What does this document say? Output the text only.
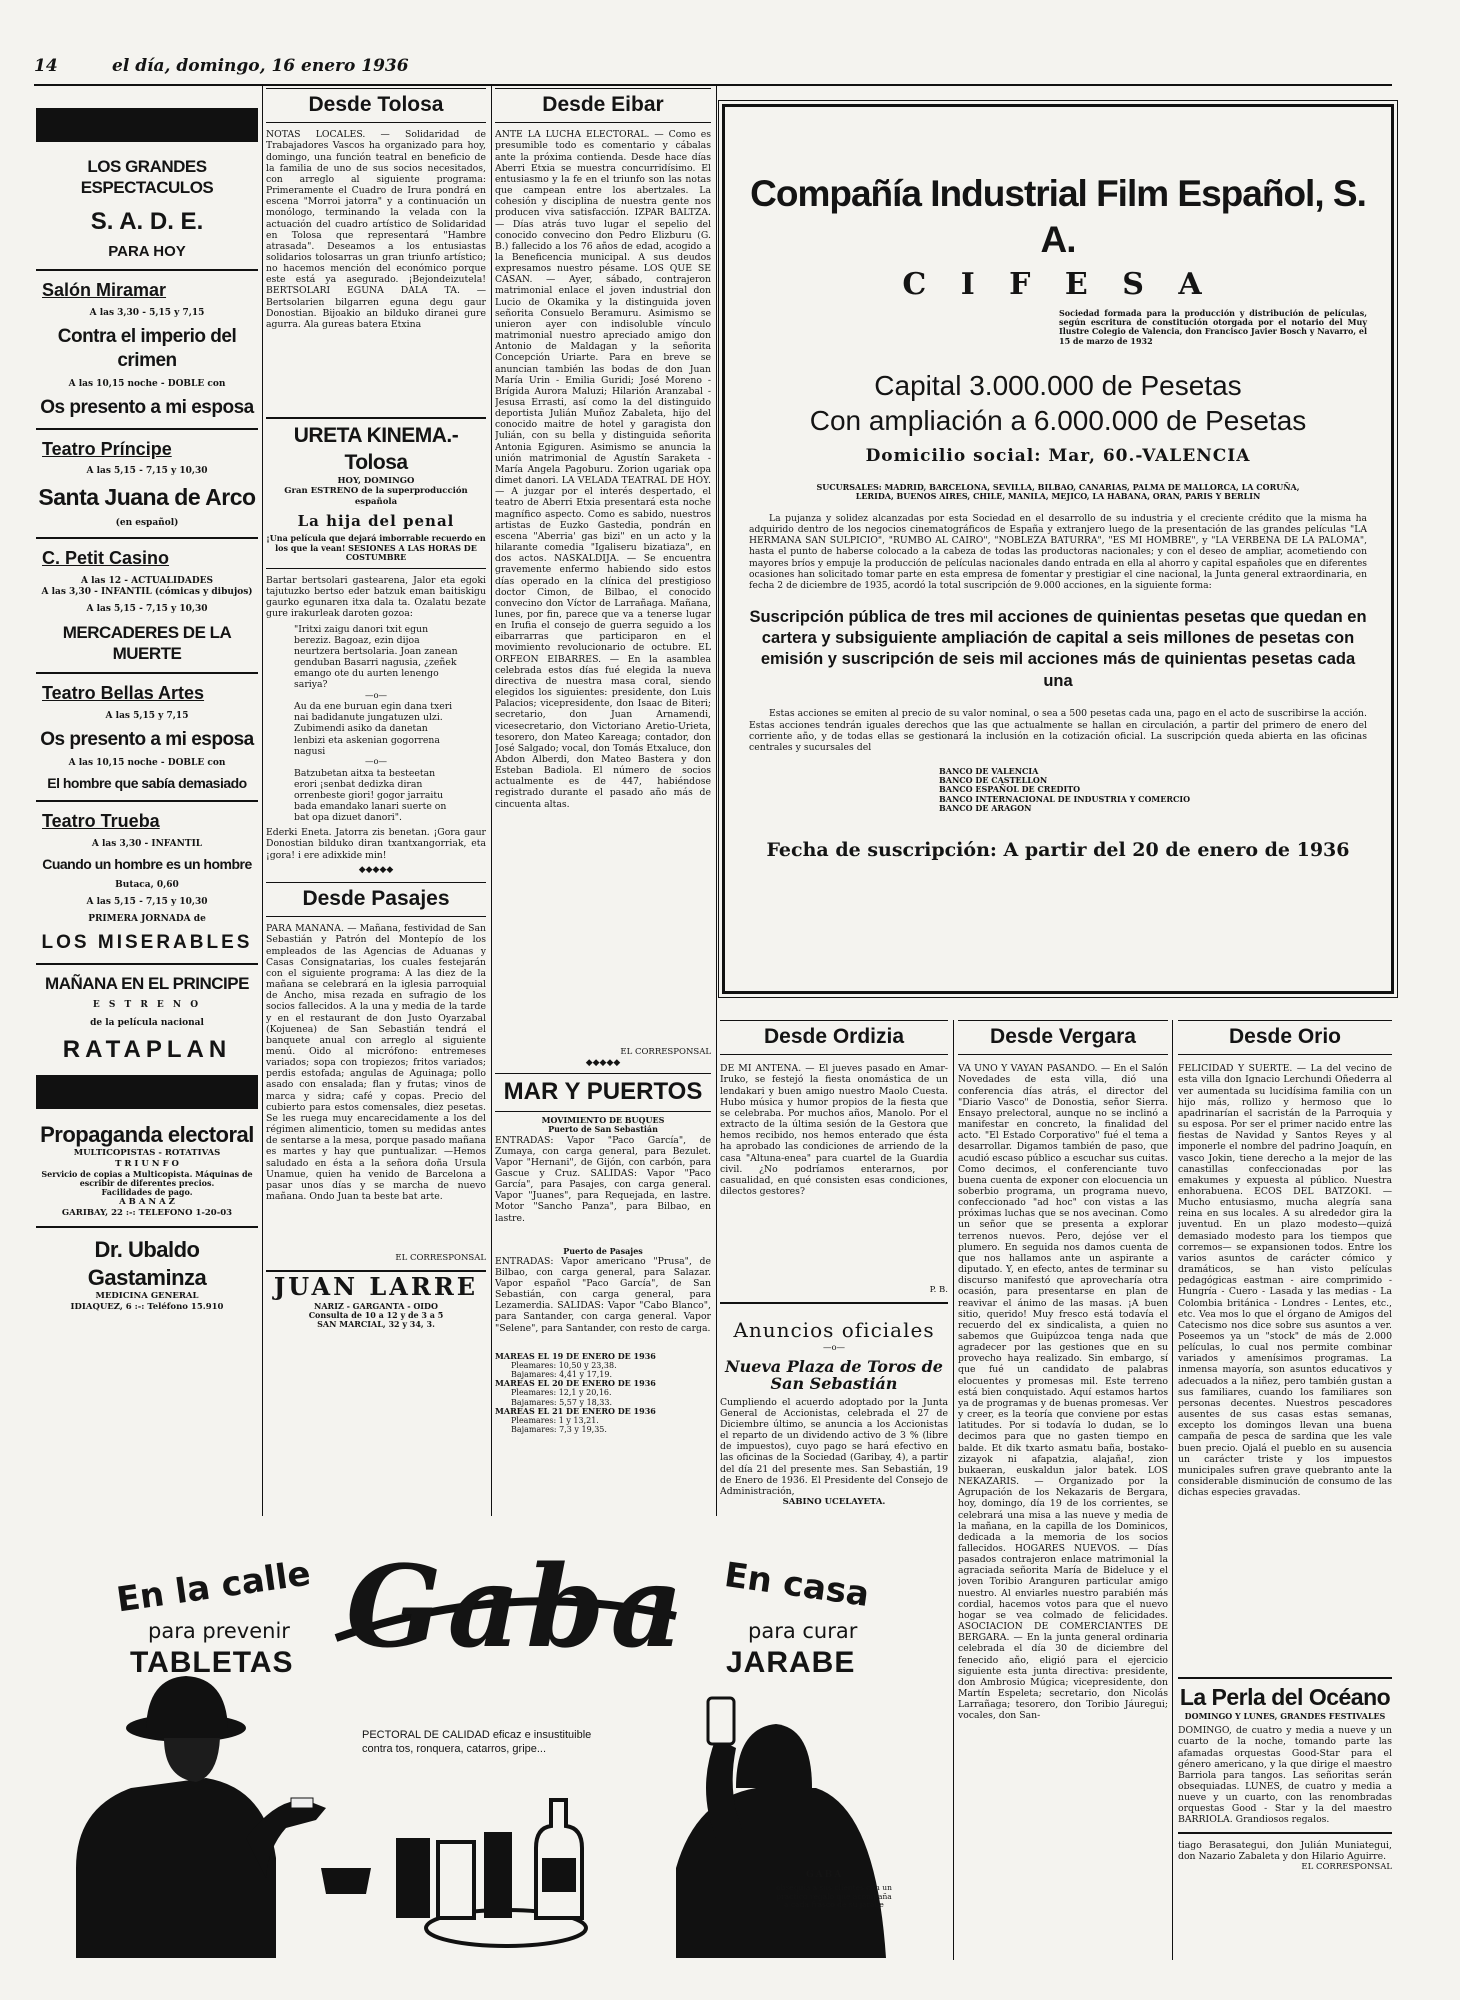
14	el día, domingo, 16 enero 1936
LOS GRANDES ESPECTACULOS
S. A. D. E.
PARA HOY
Salón Miramar
A las 3,30 - 5,15 y 7,15
Contra el imperio del crimen
A las 10,15 noche - DOBLE con
Os presento a mi esposa
Teatro Príncipe
A las 5,15 - 7,15 y 10,30
Santa Juana de Arco
(en español)
C. Petit Casino
A las 12 - ACTUALIDADES
A las 3,30 - INFANTIL (cómicas y dibujos)
A las 5,15 - 7,15 y 10,30
MERCADERES DE LA MUERTE
Teatro Bellas Artes
A las 5,15 y 7,15
Os presento a mi esposa
A las 10,15 noche - DOBLE con
El hombre que sabía demasiado
Teatro Trueba
A las 3,30 - INFANTIL
Cuando un hombre es un hombre
Butaca, 0,60
A las 5,15 - 7,15 y 10,30
PRIMERA JORNADA de
LOS MISERABLES
MAÑANA EN EL PRINCIPE
E S T R E N O
de la película nacional
RATAPLAN
Propaganda electoral
MULTICOPISTAS - ROTATIVAS
T R I U N F O
Servicio de copias a Multicopista. Máquinas de escribir de diferentes precios.
Facilidades de pago.
A B A N A Z
GARIBAY, 22 :-: TELEFONO 1-20-03
Dr. Ubaldo Gastaminza
MEDICINA GENERAL
IDIAQUEZ, 6 :-: Teléfono 15.910
Desde Tolosa
NOTAS LOCALES. — Solidaridad de Trabajadores Vascos ha organizado para hoy, domingo, una función teatral en beneficio de la familia de uno de sus socios necesitados, con arreglo al siguiente programa: Primeramente el Cuadro de Irura pondrá en escena "Morroi jatorra" y a continuación un monólogo, terminando la velada con la actuación del cuadro artístico de Solidaridad en Tolosa que representará "Hambre atrasada". Deseamos a los entusiastas solidarios tolosarras un gran triunfo artístico; no hacemos mención del económico porque este está ya asegurado. ¡Bejondeizutela! BERTSOLARI EGUNA DALA TA. — Bertsolarien bilgarren eguna degu gaur Donostian. Bijoakio an bilduko diranei gure agurra. Ala gureas batera Etxina
URETA KINEMA.-Tolosa
HOY, DOMINGO
Gran ESTRENO de la superproducción española
La hija del penal
¡Una película que dejará imborrable recuerdo en los que la vean! SESIONES A LAS HORAS DE COSTUMBRE
Bartar bertsolari gastearena, Jalor eta egoki tajutuzko bertso eder batzuk eman baitiskigu gaurko egunaren itxa dala ta. Ozalatu bezate gure irakurleak daroten gozoa:
"Iritxi zaigu danori txit egun bereziz. Bagoaz, ezin dijoa neurtzera bertsolaria. Joan zanean genduban Basarri nagusia, ¿zeñek emango ote du aurten lenengo sariya?
—o—
Au da ene buruan egin dana txeri nai badidanute jungatuzen ulzi. Zubimendi asiko da danetan lenbizi eta askenian gogorrena nagusi
—o—
Batzubetan aitxa ta besteetan erori ¡senbat dedizka diran orrenbeste giori! gogor jarraitu bada emandako lanari suerte on bat opa dizuet danori".
Ederki Eneta. Jatorra zis benetan. ¡Gora gaur Donostian bilduko diran txantxangorriak, eta ¡gora! i ere adixkide min!
◆◆◆◆◆
Desde Pasajes
PARA MAÑANA. — Mañana, festividad de San Sebastián y Patrón del Montepío de los empleados de las Agencias de Aduanas y Casas Consignatarias, los cuales festejarán con el siguiente programa: A las diez de la mañana se celebrará en la iglesia parroquial de Ancho, misa rezada en sufragio de los socios fallecidos. A la una y media de la tarde y en el restaurant de don Justo Oyarzabal (Kojuenea) de San Sebastián tendrá el banquete anual con arreglo al siguiente menú. Oido al micrófono: entremeses variados; sopa con tropiezos; fritos variados; perdis estofada; angulas de Aguinaga; pollo asado con ensalada; flan y frutas; vinos de marca y sidra; café y copas. Precio del cubierto para estos comensales, diez pesetas. Se les ruega muy encarecidamente a los del régimen alimenticio, tomen su medidas antes de sentarse a la mesa, porque pasado mañana es martes y hay que puntualizar. —Hemos saludado en ésta a la señora doña Ursula Unamue, quien ha venido de Barcelona a pasar unos días y se marcha de nuevo mañana. Ondo Juan ta beste bat arte.
EL CORRESPONSAL
JUAN LARRE
NARIZ - GARGANTA - OIDO
Consulta de 10 a 12 y de 3 a 5
SAN MARCIAL, 32 y 34, 3.
Desde Eibar
ANTE LA LUCHA ELECTORAL. — Como es presumible todo es comentario y cábalas ante la próxima contienda. Desde hace días Aberri Etxia se muestra concurridísimo. El entusiasmo y la fe en el triunfo son las notas que campean entre los abertzales. La cohesión y disciplina de nuestra gente nos producen viva satisfacción. IZPAR BALTZA. — Días atrás tuvo lugar el sepelio del conocido convecino don Pedro Elizburu (G. B.) fallecido a los 76 años de edad, acogido a la Beneficencia municipal. A sus deudos expresamos nuestro pésame. LOS QUE SE CASAN. — Ayer, sábado, contrajeron matrimonial enlace el joven industrial don Lucio de Okamika y la distinguida joven señorita Consuelo Beramuru. Asimismo se unieron ayer con indisoluble vínculo matrimonial nuestro apreciado amigo don Antonio de Maldagan y la señorita Concepción Uriarte. Para en breve se anuncian también las bodas de don Juan María Urin - Emilia Guridi; José Moreno - Brígida Aurora Maluzi; Hilarión Aranzabal - Jesusa Errasti, así como la del distinguido deportista Julián Muñoz Zabaleta, hijo del conocido maitre de hotel y garagista don Julián, con su bella y distinguida señorita Antonia Egiguren. Asimismo se anuncia la unión matrimonial de Agustín Saraketa - María Angela Pagoburu. Zorion ugariak opa dimet danori. LA VELADA TEATRAL DE HOY. — A juzgar por el interés despertado, el teatro de Aberri Etxia presentará esta noche magnífico aspecto. Como es sabido, nuestros artistas de Euzko Gastedia, pondrán en escena "Aberria' gas bizi" en un acto y la hilarante comedia "Igaliseru bizatiaza", en dos actos. NASKALDIJA. — Se encuentra gravemente enfermo habiendo sido estos días operado en la clínica del prestigioso doctor Cimon, de Bilbao, el conocido convecino don Víctor de Larrañaga. Mañana, lunes, por fin, parece que va a tenerse lugar en Irufia el consejo de guerra seguido a los eibarrarras que participaron en el movimiento revolucionario de octubre. EL ORFEON EIBARRES. — En la asamblea celebrada estos días fué elegida la nueva directiva de nuestra masa coral, siendo elegidos los siguientes: presidente, don Luis Palacios; vicepresidente, don Isaac de Biteri; secretario, don Juan Arnamendi, vicesecretario, don Victoriano Aretio-Urieta, tesorero, don Mateo Kareaga; contador, don José Salgado; vocal, don Tomás Etxaluce, don Abdon Alberdi, don Mateo Bastera y don Esteban Badiola. El número de socios actualmente es de 447, habiéndose registrado durante el pasado año más de cincuenta altas.
EL CORRESPONSAL
◆◆◆◆◆
MAR Y PUERTOS
MOVIMIENTO DE BUQUES
Puerto de San Sebastián
ENTRADAS: Vapor "Paco García", de Zumaya, con carga general, para Bezulet. Vapor "Hernani", de Gijón, con carbón, para Gascue y Cruz. SALIDAS: Vapor "Paco García", para Pasajes, con carga general. Vapor "Juanes", para Requejada, en lastre. Motor "Sancho Panza", para Bilbao, en lastre.
Puerto de Pasajes
ENTRADAS: Vapor americano "Prusa", de Bilbao, con carga general, para Salazar. Vapor español "Paco García", de San Sebastián, con carga general, para Lezamerdia. SALIDAS: Vapor "Cabo Blanco", para Santander, con carga general. Vapor "Selene", para Santander, con resto de carga.
MAREAS EL 19 DE ENERO DE 1936
Pleamares: 10,50 y 23,38.
Bajamares: 4,41 y 17,19.
MAREAS EL 20 DE ENERO DE 1936
Pleamares: 12,1 y 20,16.
Bajamares: 5,57 y 18,33.
MAREAS EL 21 DE ENERO DE 1936
Pleamares: 1 y 13,21.
Bajamares: 7,3 y 19,35.
Compañía Industrial Film Español, S. A.
C I F E S A
Sociedad formada para la producción y distribución de películas, según escritura de constitución otorgada por el notario del Muy Ilustre Colegio de Valencia, don Francisco Javier Bosch y Navarro, el 15 de marzo de 1932
Capital 3.000.000 de Pesetas
Con ampliación a 6.000.000 de Pesetas
Domicilio social: Mar, 60.-VALENCIA
SUCURSALES: MADRID, BARCELONA, SEVILLA, BILBAO, CANARIAS, PALMA DE MALLORCA, LA CORUÑA, LERIDA, BUENOS AIRES, CHILE, MANILA, MEJICO, LA HABANA, ORAN, PARIS Y BERLIN
La pujanza y solidez alcanzadas por esta Sociedad en el desarrollo de su industria y el creciente crédito que la misma ha adquirido dentro de los negocios cinematográficos de España y extranjero luego de la presentación de las grandes películas "LA HERMANA SAN SULPICIO", "RUMBO AL CAIRO", "NOBLEZA BATURRA", "ES MI HOMBRE", y "LA VERBENA DE LA PALOMA", hasta el punto de haberse colocado a la cabeza de todas las productoras nacionales; y con el deseo de ampliar, acometiendo con mayores bríos y empuje la producción de películas nacionales dando entrada en ella al ahorro y capital españoles que en diferentes ocasiones han solicitado tomar parte en esta empresa de fomentar y prestigiar el cine nacional, la Junta general extraordinaria, en fecha 2 de diciembre de 1935, acordó la total suscripción de 9.000 acciones, en la siguiente forma:
Suscripción pública de tres mil acciones de quinientas pesetas que quedan en cartera y subsiguiente ampliación de capital a seis millones de pesetas con emisión y suscripción de seis mil acciones más de quinientas pesetas cada una
Estas acciones se emiten al precio de su valor nominal, o sea a 500 pesetas cada una, pago en el acto de suscribirse la acción. Estas acciones tendrán iguales derechos que las que actualmente se hallan en circulación, a partir del primero de enero del corriente año, y de todas ellas se gestionará la inclusión en la cotización oficial. La suscripción queda abierta en las oficinas centrales y sucursales del
BANCO DE VALENCIA
BANCO DE CASTELLON
BANCO ESPAÑOL DE CREDITO
BANCO INTERNACIONAL DE INDUSTRIA Y COMERCIO
BANCO DE ARAGON
Fecha de suscripción: A partir del 20 de enero de 1936
Desde Ordizia
DE MI ANTENA. — El jueves pasado en Amar-Iruko, se festejó la fiesta onomástica de un lendakari y buen amigo nuestro Maolo Cuesta. Hubo música y humor propios de la fiesta que se celebraba. Por muchos años, Manolo. Por el extracto de la última sesión de la Gestora que hemos recibido, nos hemos enterado que ésta ha aprobado las condiciones de arriendo de la casa "Altuna-enea" para cuartel de la Guardia civil. ¿No podríamos enterarnos, por casualidad, en qué consisten esas condiciones, dilectos gestores?
P. B.
Anuncios oficiales
—o—
Nueva Plaza de Toros de San Sebastián
Cumpliendo el acuerdo adoptado por la Junta General de Accionistas, celebrada el 27 de Diciembre último, se anuncia a los Accionistas el reparto de un dividendo activo de 3 % (libre de impuestos), cuyo pago se hará efectivo en las oficinas de la Sociedad (Garibay, 4), a partir del día 21 del presente mes. San Sebastián, 19 de Enero de 1936. El Presidente del Consejo de Administración,
SABINO UCELAYETA.
Desde Vergara
VA UNO Y VAYAN PASANDO. — En el Salón Novedades de esta villa, dió una conferencia días atrás, el director del "Diario Vasco" de Donostia, señor Sierra. Ensayo prelectoral, aunque no se inclinó a manifestar en concreto, la finalidad del acto. "El Estado Corporativo" fué el tema a desarrollar. Digamos también de paso, que acudió escaso público a escuchar sus cuitas. Como decimos, el conferenciante tuvo buena cuenta de exponer con elocuencia un soberbio programa, un programa nuevo, confeccionado "ad hoc" con vistas a las próximas luchas que se nos avecinan. Como un señor que se presenta a explorar terrenos nuevos. Pero, dejóse ver el plumero. En seguida nos damos cuenta de que nos hallamos ante un aspirante a diputado. Y, en efecto, antes de terminar su discurso manifestó que aprovecharía otra ocasión, para presentarse en plan de reavivar el ánimo de las masas. ¡A buen sitio, querido! Muy fresco está todavía el recuerdo del ex sindicalista, a quien no sabemos que Guipúzcoa tenga nada que agradecer por las gestiones que en su provecho haya realizado. Sin embargo, sí que fué un candidato de palabras elocuentes y promesas mil. Este terreno está bien conquistado. Aquí estamos hartos ya de programas y de buenas promesas. Ver y creer, es la teoría que conviene por estas latitudes. Por si todavía lo dudan, se lo decimos para que no gasten tiempo en balde. Et dik txarto asmatu baña, bostako-zizayok ni afapatzia, alajaña!, zion bukaeran, euskaldun jalor batek. LOS NEKAZARIS. — Organizado por la Agrupación de los Nekazaris de Bergara, hoy, domingo, día 19 de los corrientes, se celebrará una misa a las nueve y media de la mañana, en la capilla de los Dominicos, dedicada a la memoria de los socios fallecidos. HOGARES NUEVOS. — Días pasados contrajeron enlace matrimonial la agraciada señorita María de Bideluce y el joven Toribio Aranguren particular amigo nuestro. Al enviarles nuestro parabién más cordial, hacemos votos para que el nuevo hogar se vea colmado de felicidades. ASOCIACION DE COMERCIANTES DE BERGARA. — En la junta general ordinaria celebrada el día 30 de diciembre del fenecido año, eligió para el ejercicio siguiente esta junta directiva: presidente, don Ambrosio Múgica; vicepresidente, don Martín Espeleta; secretario, don Nicolás Larrañaga; tesorero, don Toribio Jáuregui; vocales, don San-
Desde Orio
FELICIDAD Y SUERTE. — La del vecino de esta villa don Ignacio Lerchundi Oñederra al ver aumentada su lucidísima familia con un hijo más, rollizo y hermoso que lo apadrinarían el sacristán de la Parroquia y su esposa. Por ser el primer nacido entre las fiestas de Navidad y Santos Reyes y al imponerle el nombre del padrino Joaquín, en vasco Jokin, tiene derecho a la mejor de las canastillas confeccionadas por las emakumes y expuesta al público. Nuestra enhorabuena. ECOS DEL BATZOKI. — Mucho entusiasmo, mucha alegría sana reina en sus locales. A su alrededor gira la juventud. En un plazo modesto—quizá demasiado modesto para los tiempos que corremos— se expansionen todos. Entre los varios asuntos de carácter cómico y dramáticos, se han visto películas pedagógicas eastman - aire comprimido - Hungría - Cuero - Lasada y las medias - La Colombia británica - Londres - Lentes, etc., etc. Vea mos lo que el órgano de Amigos del Catecismo nos dice sobre sus asuntos a ver. Poseemos ya un "stock" de más de 2.000 películas, lo cual nos permite combinar variados y amenísimos programas. La inmensa mayoría, son asuntos educativos y adecuados a la niñez, pero también gustan a sus familiares, cuando los familiares son personas decentes. Nuestros pescadores ausentes de sus casas estas semanas, excepto los domingos llevan una buena campaña de pesca de sardina que les vale buen precio. Ojalá el pueblo en su ausencia un carácter triste y los impuestos municipales sufren grave quebranto ante la considerable disminución de consumo de las dichas especies gravadas.
La Perla del Océano
DOMINGO Y LUNES, GRANDES FESTIVALES
DOMINGO, de cuatro y media a nueve y un cuarto de la noche, tomando parte las afamadas orquestas Good-Star para el género americano, y la que dirige el maestro Barriola para tangos. Las señoritas serán obsequiadas. LUNES, de cuatro y media a nueve y un cuarto, con las renombradas orquestas Good - Star y la del maestro BARRIOLA. Grandiosos regalos.
tiago Berasategui, don Julián Muniategui, don Nazario Zabaleta y don Hilario Aguirre.
EL CORRESPONSAL
En la calle
para prevenir
TABLETAS Gaba
PECTORAL DE CALIDAD eficaz e insustituible contra tos, ronquera, catarros, gripe...
En casa
para curar
JARABE
GABA
obsequia a sus clientes con un practico regalo que acompaña a cada frasco de su jarabe
